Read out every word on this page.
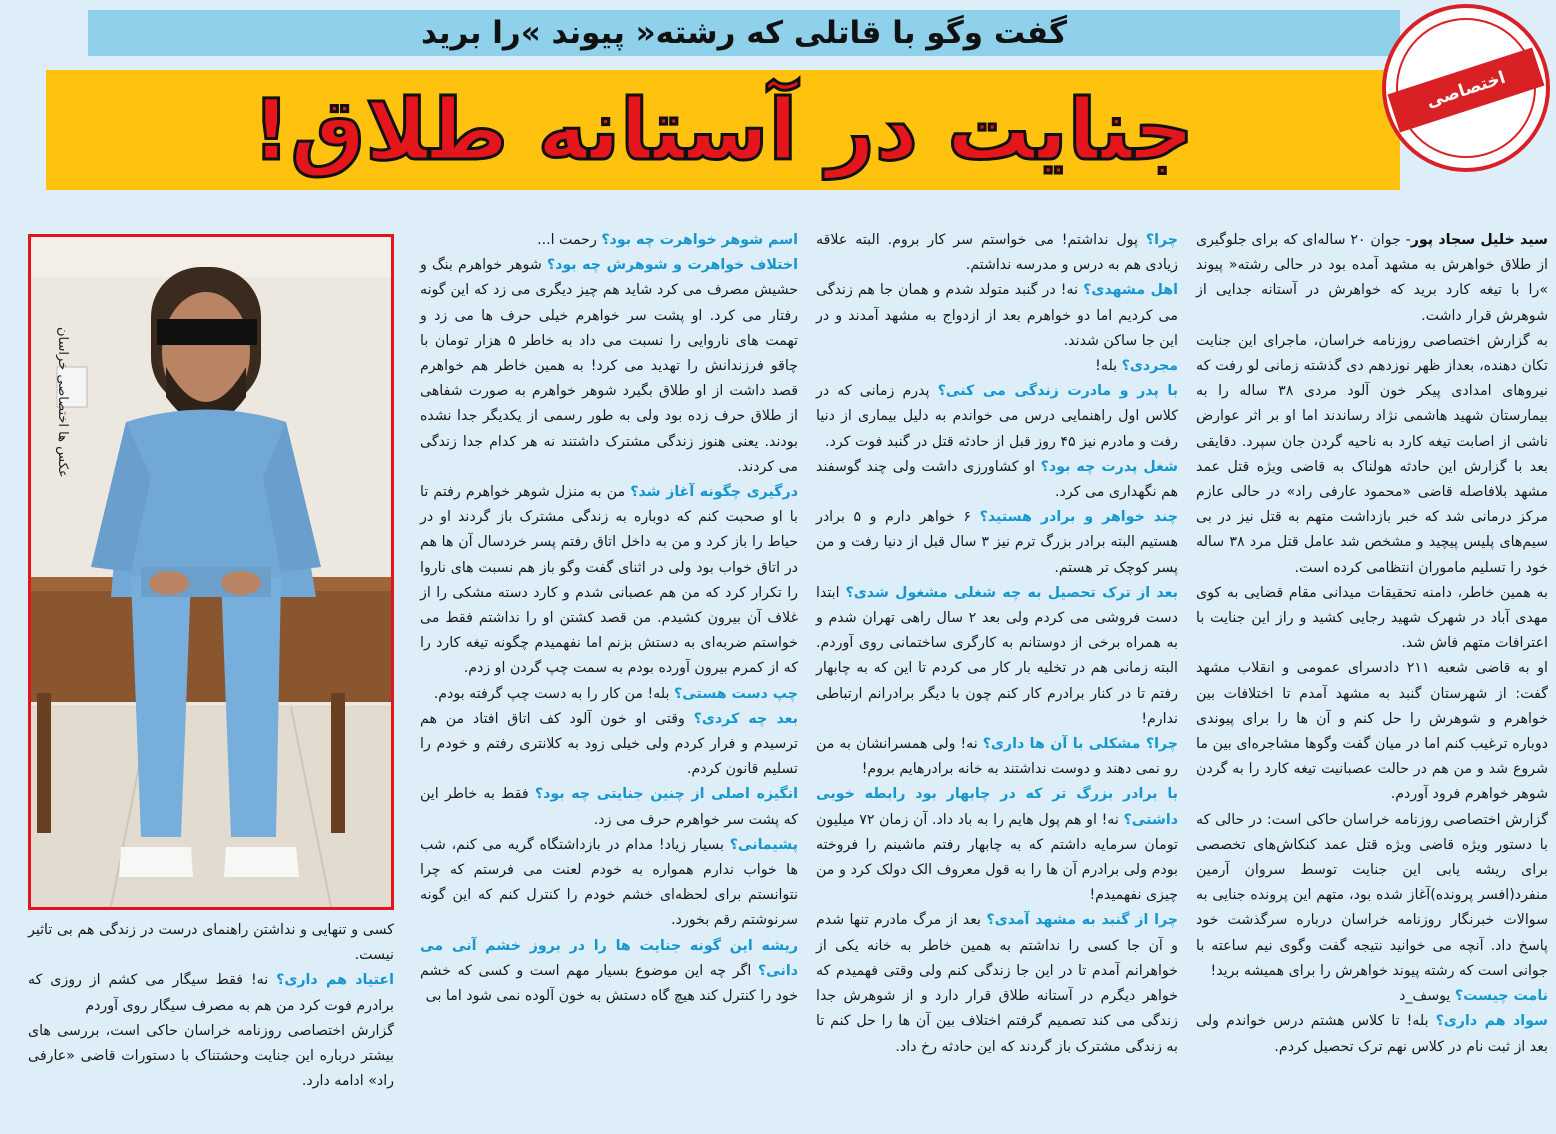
گفت وگو با قاتلی که رشته« پیوند »را برید
جنایت در آستانه طلاق!	اختصاصی خراسان

سید خلیل سجاد پور- جوان ۲۰ ساله‌ای که برای جلوگیری از طلاق خواهرش به مشهد آمده بود در حالی رشته« پیوند »را با تیغه کارد برید که خواهرش در آستانه جدایی از شوهرش قرار داشت.

به گزارش اختصاصی روزنامه خراسان، ماجرای این جنایت تکان دهنده، بعداز ظهر نوزدهم دی گذشته زمانی لو رفت که نیروهای امدادی پیکر خون آلود مردی ۳۸ ساله را به بیمارستان شهید هاشمی نژاد رساندند اما او بر اثر عوارض ناشی از اصابت تیغه کارد به ناحیه گردن جان سپرد. دقایقی بعد با گزارش این حادثه هولناک به قاضی ویژه قتل عمد مشهد بلافاصله قاضی «محمود عارفی راد» در حالی عازم مرکز درمانی شد که خبر بازداشت متهم به قتل نیز در بی سیم‌های پلیس پیچید و مشخص شد عامل قتل مرد ۳۸ ساله خود را تسلیم ماموران انتظامی کرده است.

به همین خاطر، دامنه تحقیقات میدانی مقام قضایی به کوی مهدی آباد در شهرک شهید رجایی کشید و راز این جنایت با اعترافات متهم فاش شد.

او به قاضی شعبه ۲۱۱ دادسرای عمومی و انقلاب مشهد گفت: از شهرستان گنبد به مشهد آمدم تا اختلافات بین خواهرم و شوهرش را حل کنم و آن ها را برای پیوندی دوباره ترغیب کنم اما در میان گفت وگوها مشاجره‌ای بین ما شروع شد و من هم در حالت عصبانیت تیغه کارد را به گردن شوهر خواهرم فرود آوردم.

گزارش اختصاصی روزنامه خراسان حاکی است: در حالی که با دستور ویژه قاضی ویژه قتل عمد کنکاش‌های تخصصی برای ریشه یابی این جنایت توسط سروان آرمین منفرد(افسر پرونده)آغاز شده بود، متهم این پرونده جنایی به سوالات خبرنگار روزنامه خراسان درباره سرگذشت خود پاسخ داد. آنچه می خوانید نتیجه گفت وگوی نیم ساعته با جوانی است که رشته پیوند خواهرش را برای همیشه برید!

نامت چیست؟ یوسف_د

سواد هم داری؟ بله! تا کلاس هشتم درس خواندم ولی بعد از ثبت نام در کلاس نهم ترک تحصیل کردم.

چرا؟ پول نداشتم! می خواستم سر کار بروم. البته علاقه زیادی هم به درس و مدرسه نداشتم.

اهل مشهدی؟ نه! در گنبد متولد شدم و همان جا هم زندگی می کردیم اما دو خواهرم بعد از ازدواج به مشهد آمدند و در این جا ساکن شدند.

مجردی؟ بله!

با پدر و مادرت زندگی می کنی؟ پدرم زمانی که در کلاس اول راهنمایی درس می خواندم به دلیل بیماری از دنیا رفت و مادرم نیز ۴۵ روز قبل از حادثه قتل در گنبد فوت کرد.

شغل پدرت چه بود؟ او کشاورزی داشت ولی چند گوسفند هم نگهداری می کرد.

چند خواهر و برادر هستید؟ ۶ خواهر دارم و ۵ برادر هستیم البته برادر بزرگ ترم نیز ۳ سال قبل از دنیا رفت و من پسر کوچک تر هستم.

بعد از ترک تحصیل به چه شغلی مشغول شدی؟ ابتدا دست فروشی می کردم ولی بعد ۲ سال راهی تهران شدم و به همراه برخی از دوستانم به کارگری ساختمانی روی آوردم. البته زمانی هم در تخلیه بار کار می کردم تا این که به چابهار رفتم تا در کنار برادرم کار کنم چون با دیگر برادرانم ارتباطی ندارم!

چرا؟ مشکلی با آن ها داری؟ نه! ولی همسرانشان به من رو نمی دهند و دوست نداشتند به خانه برادرهایم بروم!

با برادر بزرگ تر که در چابهار بود رابطه خوبی داشتی؟ نه! او هم پول هایم را به باد داد. آن زمان ۷۲ میلیون تومان سرمایه داشتم که به چابهار رفتم ماشینم را فروخته بودم ولی برادرم آن ها را به قول معروف الک دولک کرد و من چیزی نفهمیدم!

چرا از گنبد به مشهد آمدی؟ بعد از مرگ مادرم تنها شدم و آن جا کسی را نداشتم به همین خاطر به خانه یکی از خواهرانم آمدم تا در این جا زندگی کنم ولی وقتی فهمیدم که خواهر دیگرم در آستانه طلاق قرار دارد و از شوهرش جدا زندگی می کند تصمیم گرفتم اختلاف بین آن ها را حل کنم تا به زندگی مشترک باز گردند که این حادثه رخ داد.

اسم شوهر خواهرت چه بود؟ رحمت ا...

اختلاف خواهرت و شوهرش چه بود؟ شوهر خواهرم بنگ و حشیش مصرف می کرد شاید هم چیز دیگری می زد که این گونه رفتار می کرد. او پشت سر خواهرم خیلی حرف ها می زد و تهمت های ناروایی را نسبت می داد به خاطر ۵ هزار تومان با چاقو فرزندانش را تهدید می کرد! به همین خاطر هم خواهرم قصد داشت از او طلاق بگیرد شوهر خواهرم به صورت شفاهی از طلاق حرف زده بود ولی به طور رسمی از یکدیگر جدا نشده بودند. یعنی هنوز زندگی مشترک داشتند نه هر کدام جدا زندگی می کردند.

درگیری چگونه آغاز شد؟ من به منزل شوهر خواهرم رفتم تا با او صحبت کنم که دوباره به زندگی مشترک باز گردند او در حیاط را باز کرد و من به داخل اتاق رفتم پسر خردسال آن ها هم در اتاق خواب بود ولی در اثنای گفت وگو باز هم نسبت های ناروا را تکرار کرد که من هم عصبانی شدم و کارد دسته مشکی را از غلاف آن بیرون کشیدم. من قصد کشتن او را نداشتم فقط می خواستم ضربه‌ای به دستش بزنم اما نفهمیدم چگونه تیغه کارد را که از کمرم بیرون آورده بودم به سمت چپ گردن او زدم.

چپ دست هستی؟ بله! من کار را به دست چپ گرفته بودم.

بعد چه کردی؟ وقتی او خون آلود کف اتاق افتاد من هم ترسیدم و فرار کردم ولی خیلی زود به کلانتری رفتم و خودم را تسلیم قانون کردم.

انگیزه اصلی از چنین جنایتی چه بود؟ فقط به خاطر این که پشت سر خواهرم حرف می زد.

پشیمانی؟ بسیار زیاد! مدام در بازداشتگاه گریه می کنم، شب ها خواب ندارم همواره به خودم لعنت می فرستم که چرا نتوانستم برای لحظه‌ای خشم خودم را کنترل کنم که این گونه سرنوشتم رقم بخورد.

ریشه این گونه جنایت ها را در بروز خشم آنی می دانی؟ اگر چه این موضوع بسیار مهم است و کسی که خشم خود را کنترل کند هیچ گاه دستش به خون آلوده نمی شود اما بی

عکس ها اختصاصی خراسان

کسی و تنهایی و نداشتن راهنمای درست در زندگی هم بی تاثیر نیست.

اعتیاد هم داری؟ نه! فقط سیگار می کشم از روزی که برادرم فوت کرد من هم به مصرف سیگار روی آوردم

گزارش اختصاصی روزنامه خراسان حاکی است، بررسی های بیشتر درباره این جنایت وحشتناک با دستورات قاضی «عارفی راد» ادامه دارد.
